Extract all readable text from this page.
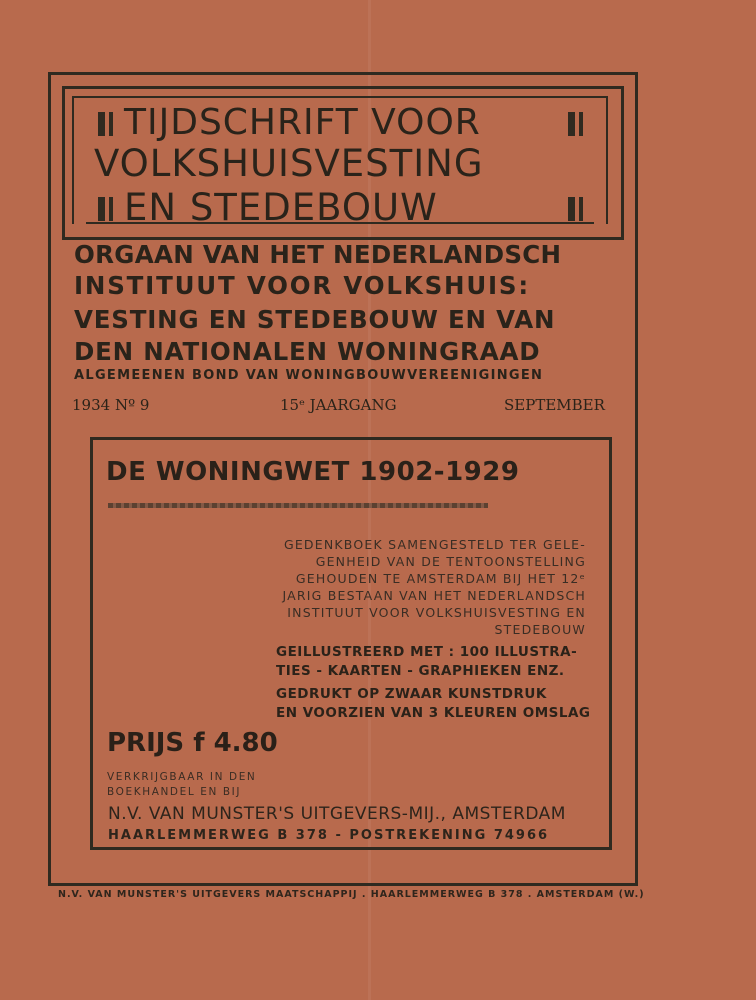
TIJDSCHRIFT VOOR
VOLKSHUISVESTING
EN STEDEBOUW
ORGAAN VAN HET NEDERLANDSCH
INSTITUUT VOOR VOLKSHUIS:
VESTING EN STEDEBOUW EN VAN
DEN NATIONALEN WONINGRAAD
ALGEMEENEN BOND VAN WONINGBOUWVEREENIGINGEN
1934 Nº 9	15ᵉ JAARGANG	SEPTEMBER
DE WONINGWET 1902-1929
GEDENKBOEK SAMENGESTELD TER GELE-
GENHEID VAN DE TENTOONSTELLING
GEHOUDEN TE AMSTERDAM BIJ HET 12ᵉ
JARIG BESTAAN VAN HET NEDERLANDSCH
INSTITUUT VOOR VOLKSHUISVESTING EN
STEDEBOUW
GEILLUSTREERD MET : 100 ILLUSTRA-
TIES - KAARTEN - GRAPHIEKEN ENZ.
GEDRUKT OP ZWAAR KUNSTDRUK
EN VOORZIEN VAN 3 KLEUREN OMSLAG
PRIJS f 4.80
VERKRIJGBAAR IN DEN
BOEKHANDEL EN BIJ
N.V. VAN MUNSTER'S UITGEVERS-MIJ., AMSTERDAM
HAARLEMMERWEG B 378 - POSTREKENING 74966
N.V. VAN MUNSTER'S UITGEVERS MAATSCHAPPIJ . HAARLEMMERWEG B 378 . AMSTERDAM (W.)
